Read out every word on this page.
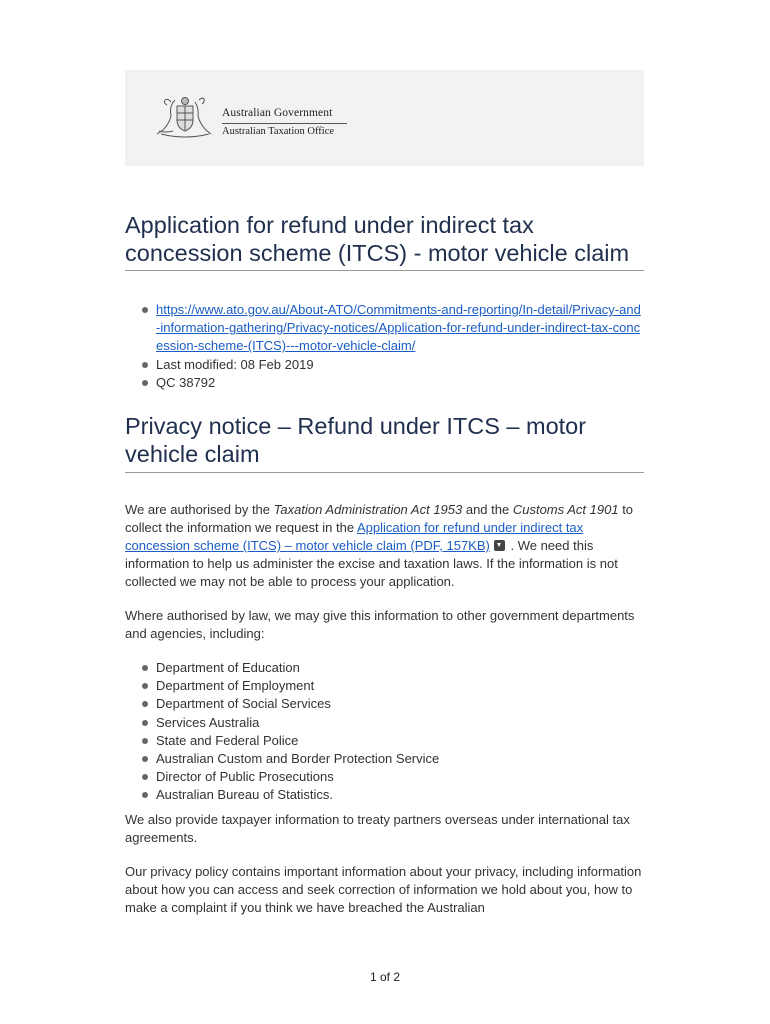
Australian Government
Australian Taxation Office
Application for refund under indirect tax concession scheme (ITCS) - motor vehicle claim
https://www.ato.gov.au/About-ATO/Commitments-and-reporting/In-detail/Privacy-and-information-gathering/Privacy-notices/Application-for-refund-under-indirect-tax-concession-scheme-(ITCS)---motor-vehicle-claim/
Last modified: 08 Feb 2019
QC 38792
Privacy notice – Refund under ITCS – motor vehicle claim

We are authorised by the Taxation Administration Act 1953 and the Customs Act 1901 to collect the information we request in the Application for refund under indirect tax concession scheme (ITCS) – motor vehicle claim (PDF, 157KB) . We need this information to help us administer the excise and taxation laws. If the information is not collected we may not be able to process your application.

Where authorised by law, we may give this information to other government departments and agencies, including:

Department of Education
Department of Employment
Department of Social Services
Services Australia
State and Federal Police
Australian Custom and Border Protection Service
Director of Public Prosecutions
Australian Bureau of Statistics.

We also provide taxpayer information to treaty partners overseas under international tax agreements.

Our privacy policy contains important information about your privacy, including information about how you can access and seek correction of information we hold about you, how to make a complaint if you think we have breached the Australian

1 of 2
